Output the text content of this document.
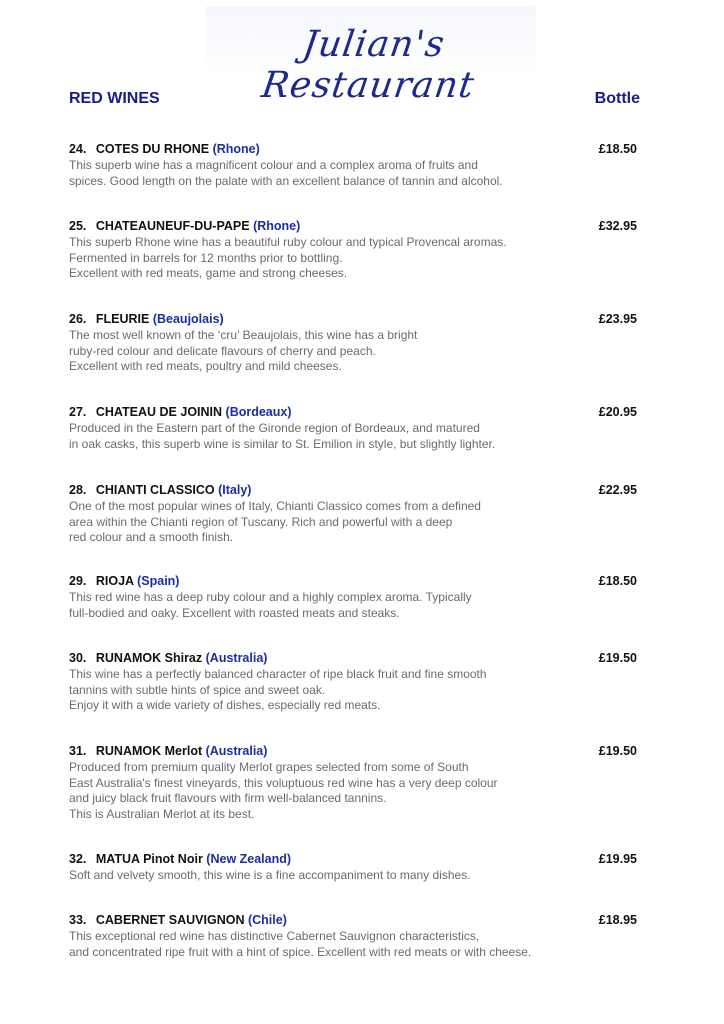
Julian's Restaurant
RED WINES	Bottle
24. COTES DU RHONE (Rhone)	£18.50
This superb wine has a magnificent colour and a complex aroma of fruits and
spices. Good length on the palate with an excellent balance of tannin and alcohol.
25. CHATEAUNEUF-DU-PAPE (Rhone)	£32.95
This superb Rhone wine has a beautiful ruby colour and typical Provencal aromas.
Fermented in barrels for 12 months prior to bottling.
Excellent with red meats, game and strong cheeses.
26. FLEURIE (Beaujolais)	£23.95
The most well known of the ‘cru’ Beaujolais, this wine has a bright
ruby-red colour and delicate flavours of cherry and peach.
Excellent with red meats, poultry and mild cheeses.
27. CHATEAU DE JOININ (Bordeaux)	£20.95
Produced in the Eastern part of the Gironde region of Bordeaux, and matured
in oak casks, this superb wine is similar to St. Emilion in style, but slightly lighter.
28. CHIANTI CLASSICO (Italy)	£22.95
One of the most popular wines of Italy, Chianti Classico comes from a defined
area within the Chianti region of Tuscany. Rich and powerful with a deep
red colour and a smooth finish.
29. RIOJA (Spain)	£18.50
This red wine has a deep ruby colour and a highly complex aroma. Typically
full-bodied and oaky. Excellent with roasted meats and steaks.
30. RUNAMOK Shiraz (Australia)	£19.50
This wine has a perfectly balanced character of ripe black fruit and fine smooth
tannins with subtle hints of spice and sweet oak.
Enjoy it with a wide variety of dishes, especially red meats.
31. RUNAMOK Merlot (Australia)	£19.50
Produced from premium quality Merlot grapes selected from some of South
East Australia's finest vineyards, this voluptuous red wine has a very deep colour
and juicy black fruit flavours with firm well-balanced tannins.
This is Australian Merlot at its best.
32. MATUA Pinot Noir (New Zealand)	£19.95
Soft and velvety smooth, this wine is a fine accompaniment to many dishes.
33. CABERNET SAUVIGNON (Chile)	£18.95
This exceptional red wine has distinctive Cabernet Sauvignon characteristics,
and concentrated ripe fruit with a hint of spice. Excellent with red meats or with cheese.
